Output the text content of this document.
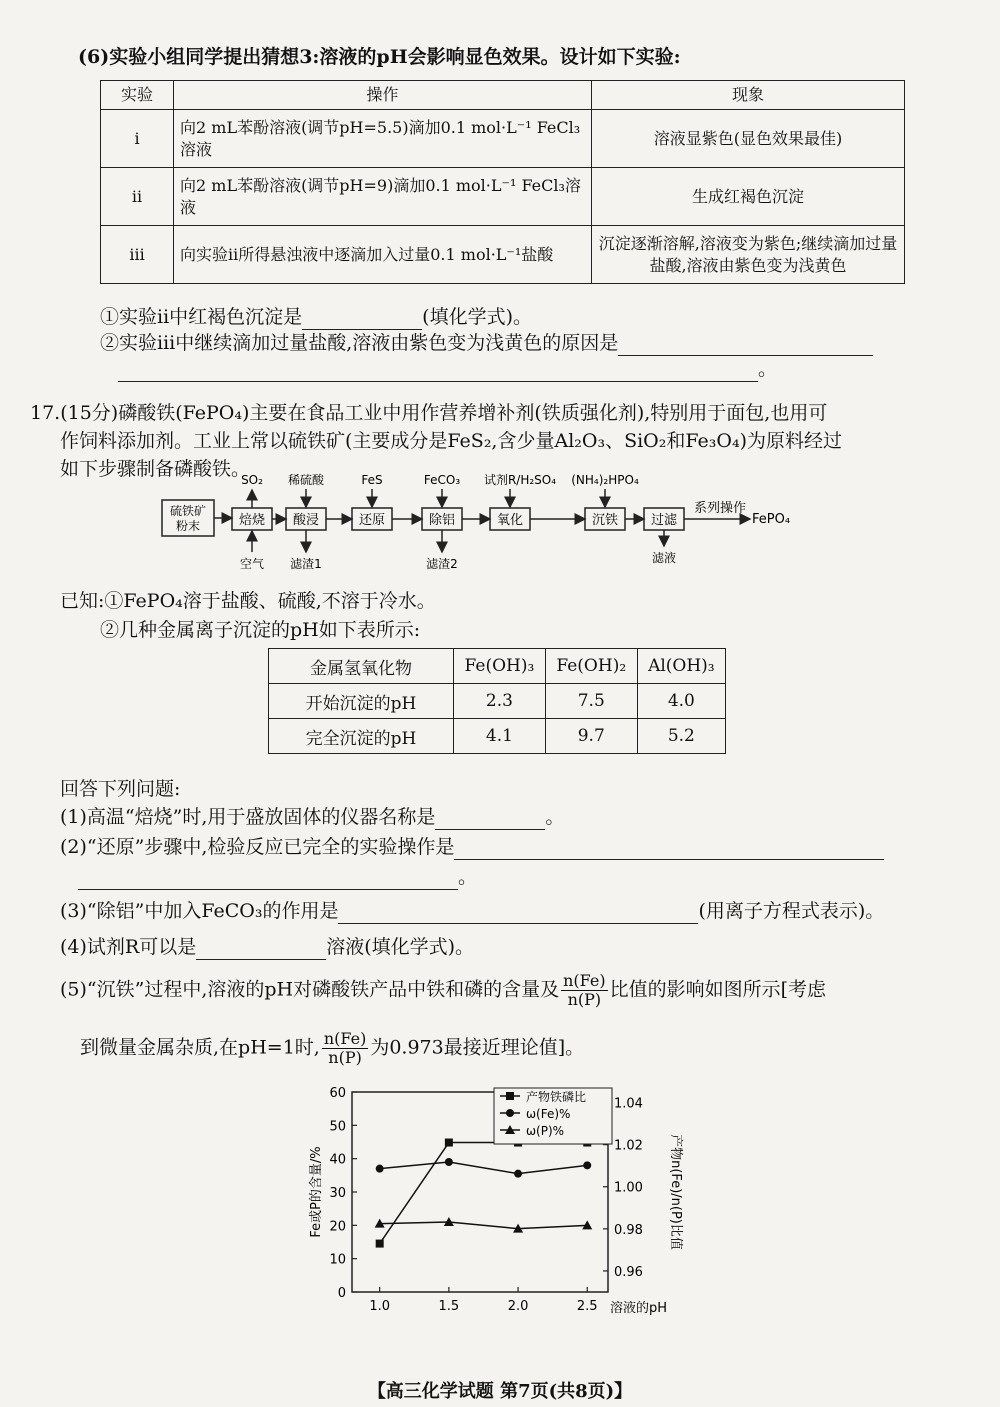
(6)实验小组同学提出猜想3:溶液的pH会影响显色效果。设计如下实验:
实验	操作	现象
ⅰ	向2 mL苯酚溶液(调节pH=5.5)滴加0.1 mol·L⁻¹ FeCl₃溶液	溶液显紫色(显色效果最佳)
ⅱ	向2 mL苯酚溶液(调节pH=9)滴加0.1 mol·L⁻¹ FeCl₃溶液	生成红褐色沉淀
ⅲ	向实验ⅱ所得悬浊液中逐滴加入过量0.1 mol·L⁻¹盐酸	沉淀逐渐溶解,溶液变为紫色;继续滴加过量盐酸,溶液由紫色变为浅黄色
①实验ⅱ中红褐色沉淀是	(填化学式)。
②实验ⅲ中继续滴加过量盐酸,溶液由紫色变为浅黄色的原因是
。
17.(15分)磷酸铁(FePO₄)主要在食品工业中用作营养增补剂(铁质强化剂),特别用于面包,也用可
作饲料添加剂。工业上常以硫铁矿(主要成分是FeS₂,含少量Al₂O₃、SiO₂和Fe₃O₄)为原料经过
如下步骤制备磷酸铁。
硫铁矿
粉末	焙烧 酸浸	还原	除铝	氧化	沉铁	过滤	FePO₄
系列操作
SO₂ 稀硫酸	FeS	FeCO₃ 试剂R/H₂SO₄ (NH₄)₂HPO₄
空气 滤渣1	滤渣2	滤液
已知:①FePO₄溶于盐酸、硫酸,不溶于冷水。
②几种金属离子沉淀的pH如下表所示:
金属氢氧化物	Fe(OH)₃	Fe(OH)₂	Al(OH)₃
开始沉淀的pH	2.3	7.5	4.0
完全沉淀的pH	4.1	9.7	5.2
回答下列问题:
(1)高温“焙烧”时,用于盛放固体的仪器名称是	。
(2)“还原”步骤中,检验反应已完全的实验操作是
。
(3)“除铝”中加入FeCO₃的作用是	(用离子方程式表示)。
(4)试剂R可以是	溶液(填化学式)。
(5)“沉铁”过程中,溶液的pH对磷酸铁产品中铁和磷的含量及 $\frac{n(Fe)}{n(P)}$ 比值的影响如图所示[考虑
到微量金属杂质,在pH=1时, $\frac{n(Fe)}{n(P)}$ 为0.973最接近理论值]。
0
10
20
30
40
50
60
0.96
0.98
1.00
1.02
1.04
1.0	1.5	2.0	2.5 溶液的pH
Fe或P的含量/%	产物n(Fe)/n(P)比值
产物铁磷比
ω(Fe)%
ω(P)%
【高三化学试题 第7页(共8页)】
